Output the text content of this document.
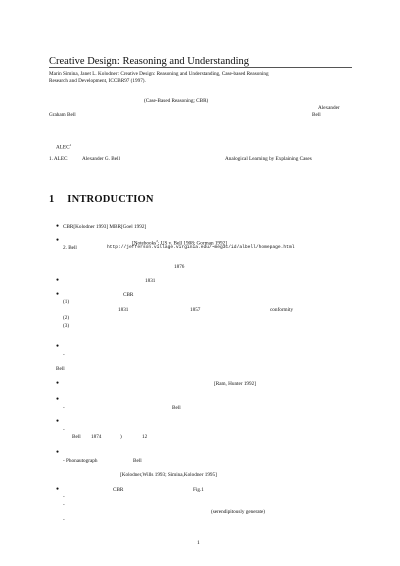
Creative Design: Reasoning and Understanding
Marin Simina, Janet L. Kolodner: Creative Design: Reasoning and Understanding, Case-based Reasoning
Research and Development, ICCBR97 (1997).
(Case-Based Reasoning; CBR)
Alexander
Graham Bell	Bell
ALEC$^1$
1. ALEC	Alexander G. Bell	Analogical Learning by Explaining Cases
1 INTRODUCTION
● CBR[Kolodner 1993] MBR[Goel 1992]
●
[Notebooks$^2$; US v. Bell 1908; Gorman 1992]
2. Bell	http://jefferson.village.virginia.edu/~meg3c/id/albell/homepage.html
1876
●	1831
●	CBR
(1)
1831	1857	conformity
(2)
(3)
●
-
Bell
●	[Ram, Hunter 1992]
●
-	Bell
●
-
Bell 1874	)	12
●
- Phonautograph	Bell
[Kolodner,Wills 1993; Simina,Kolodner 1995]
●	CBR	Fig.1
-
-
(serendipitously generate)
-
1
